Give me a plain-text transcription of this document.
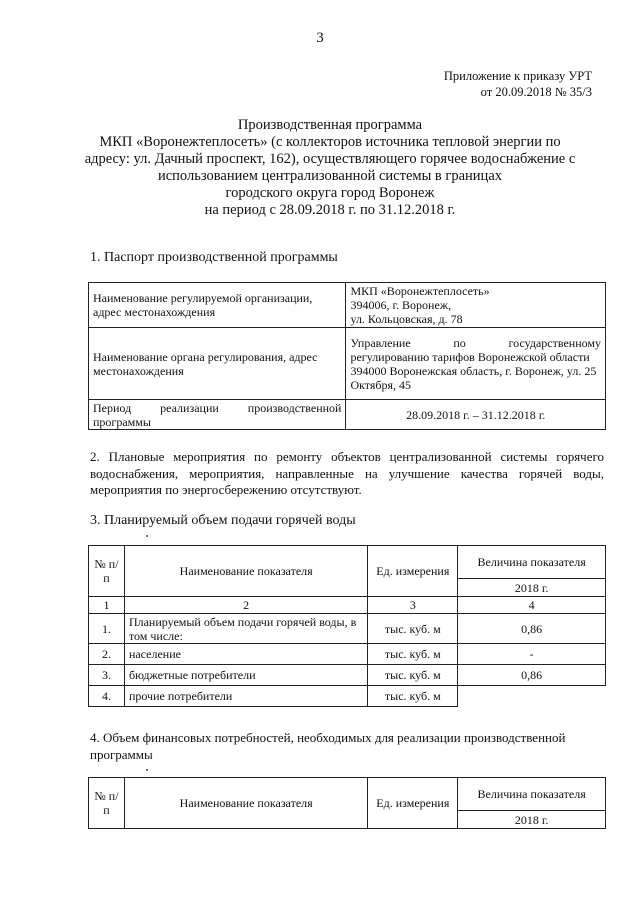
3
Приложение к приказу УРТ
от 20.09.2018 № 35/3
Производственная программа
МКП «Воронежтеплосеть» (с коллекторов источника тепловой энергии по
адресу: ул. Дачный проспект, 162), осуществляющего горячее водоснабжение с
использованием централизованной системы в границах
городского округа город Воронеж
на период с 28.09.2018 г. по 31.12.2018 г.
1. Паспорт производственной программы
Наименование регулируемой организации, адрес местонахождения	МКП «Воронежтеплосеть»
394006, г. Воронеж,
ул. Кольцовская, д. 78

Наименование органа регулирования, адрес местонахождения	Управление по государственному регулированию тарифов Воронежской области
394000 Воронежская область, г. Воронеж, ул. 25 Октября, 45

Период реализации производственной программы	28.09.2018 г. – 31.12.2018 г.
2. Плановые мероприятия по ремонту объектов централизованной системы горячего водоснабжения, мероприятия, направленные на улучшение качества горячей воды, мероприятия по энергосбережению отсутствуют.
3. Планируемый объем подачи горячей воды
№ п/п	Наименование показателя	Ед. измерения	Величина показателя
			2018 г.
1	2	3	4
1.	Планируемый объем подачи горячей воды, в том числе:	тыс. куб. м	0,86
2.	население	тыс. куб. м	-
3.	бюджетные потребители	тыс. куб. м	0,86
4.	прочие потребители	тыс. куб. м	
4. Объем финансовых потребностей, необходимых для реализации производственной программы
№ п/п	Наименование показателя	Ед. измерения	Величина показателя
2018 г.
